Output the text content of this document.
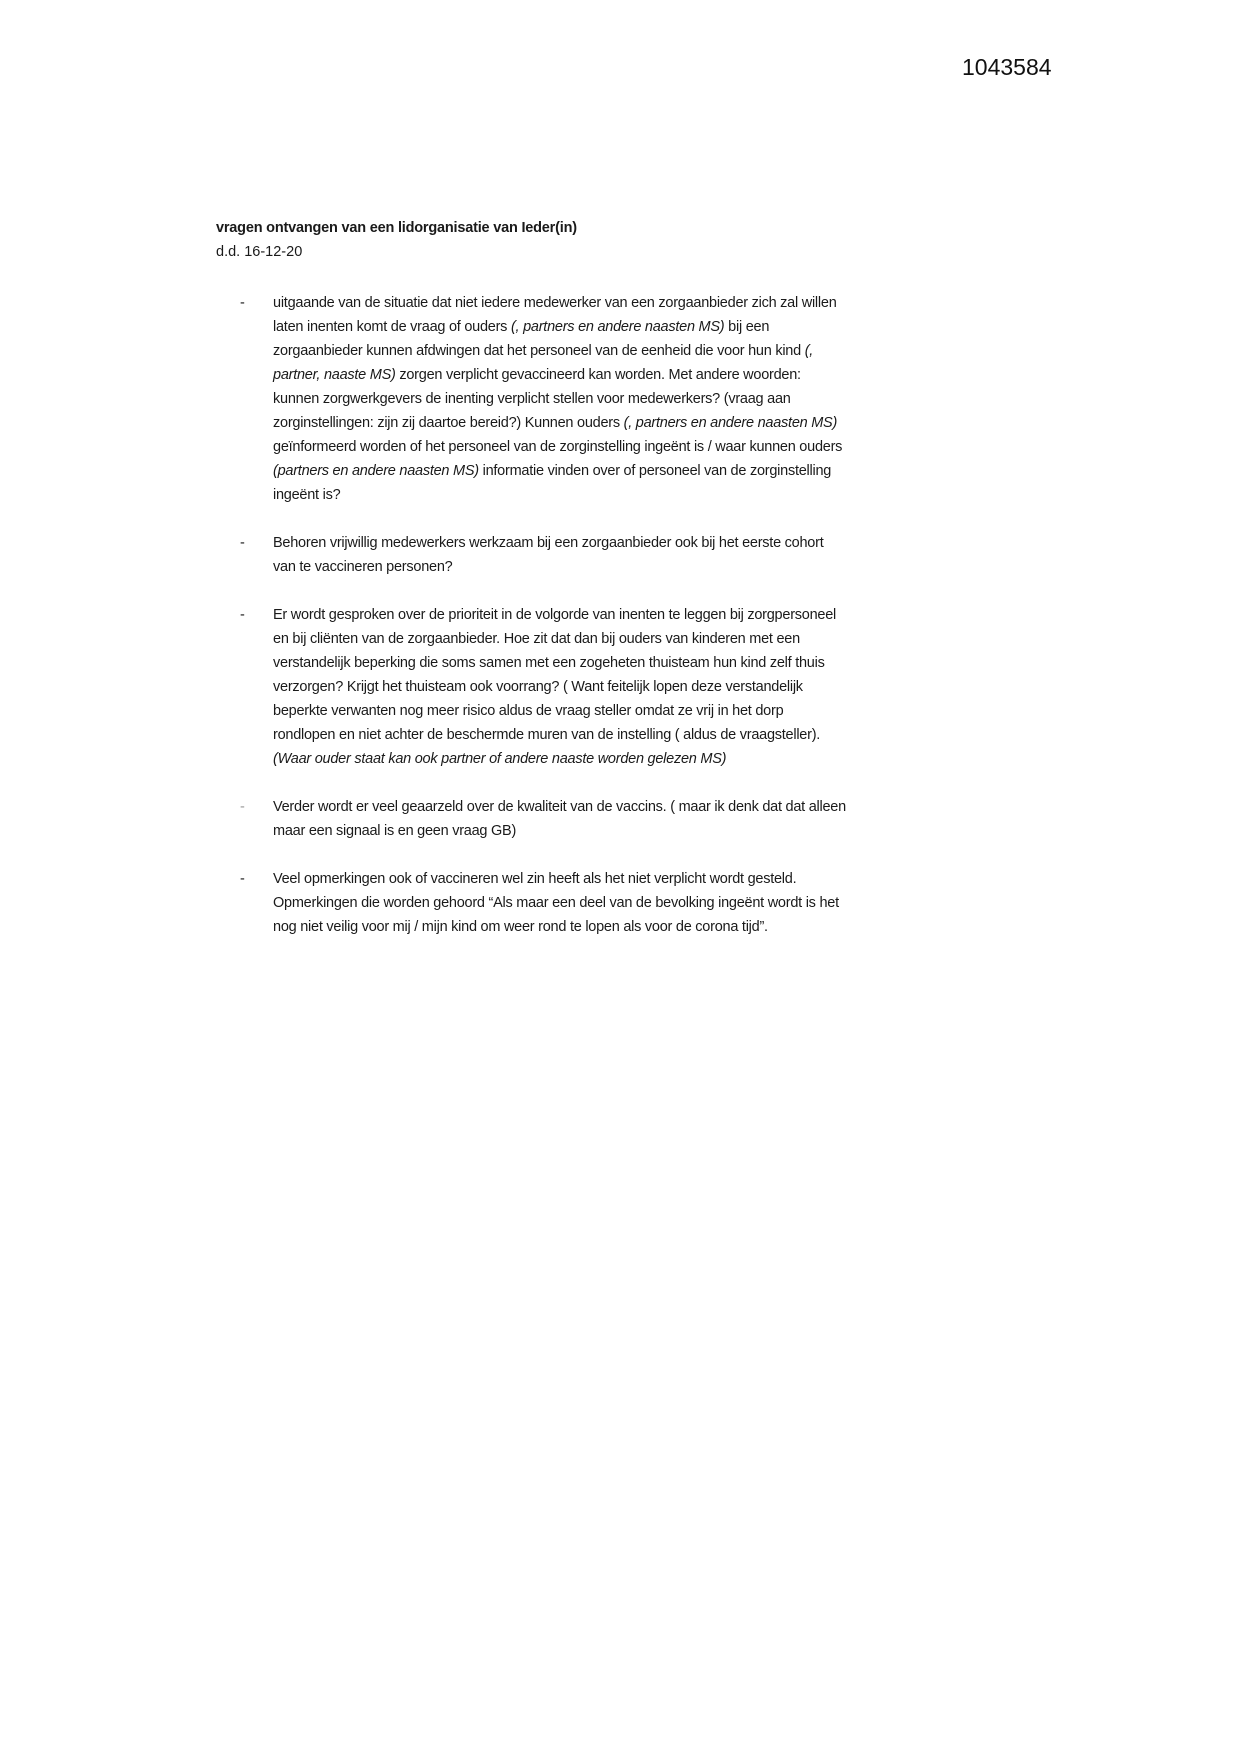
1043584
vragen ontvangen van een lidorganisatie van Ieder(in)
d.d. 16-12-20
- uitgaande van de situatie dat niet iedere medewerker van een zorgaanbieder zich zal willen
laten inenten komt de vraag of ouders (, partners en andere naasten MS) bij een
zorgaanbieder kunnen afdwingen dat het personeel van de eenheid die voor hun kind (,
partner, naaste MS) zorgen verplicht gevaccineerd kan worden. Met andere woorden:
kunnen zorgwerkgevers de inenting verplicht stellen voor medewerkers? (vraag aan
zorginstellingen: zijn zij daartoe bereid?) Kunnen ouders (, partners en andere naasten MS)
geïnformeerd worden of het personeel van de zorginstelling ingeënt is / waar kunnen ouders
(partners en andere naasten MS) informatie vinden over of personeel van de zorginstelling
ingeënt is?
- Behoren vrijwillig medewerkers werkzaam bij een zorgaanbieder ook bij het eerste cohort
van te vaccineren personen?
- Er wordt gesproken over de prioriteit in de volgorde van inenten te leggen bij zorgpersoneel
en bij cliënten van de zorgaanbieder. Hoe zit dat dan bij ouders van kinderen met een
verstandelijk beperking die soms samen met een zogeheten thuisteam hun kind zelf thuis
verzorgen? Krijgt het thuisteam ook voorrang? ( Want feitelijk lopen deze verstandelijk
beperkte verwanten nog meer risico aldus de vraag steller omdat ze vrij in het dorp
rondlopen en niet achter de beschermde muren van de instelling ( aldus de vraagsteller).
(Waar ouder staat kan ook partner of andere naaste worden gelezen MS)
- Verder wordt er veel geaarzeld over de kwaliteit van de vaccins. ( maar ik denk dat dat alleen
maar een signaal is en geen vraag GB)
- Veel opmerkingen ook of vaccineren wel zin heeft als het niet verplicht wordt gesteld.
Opmerkingen die worden gehoord “Als maar een deel van de bevolking ingeënt wordt is het
nog niet veilig voor mij / mijn kind om weer rond te lopen als voor de corona tijd”.
